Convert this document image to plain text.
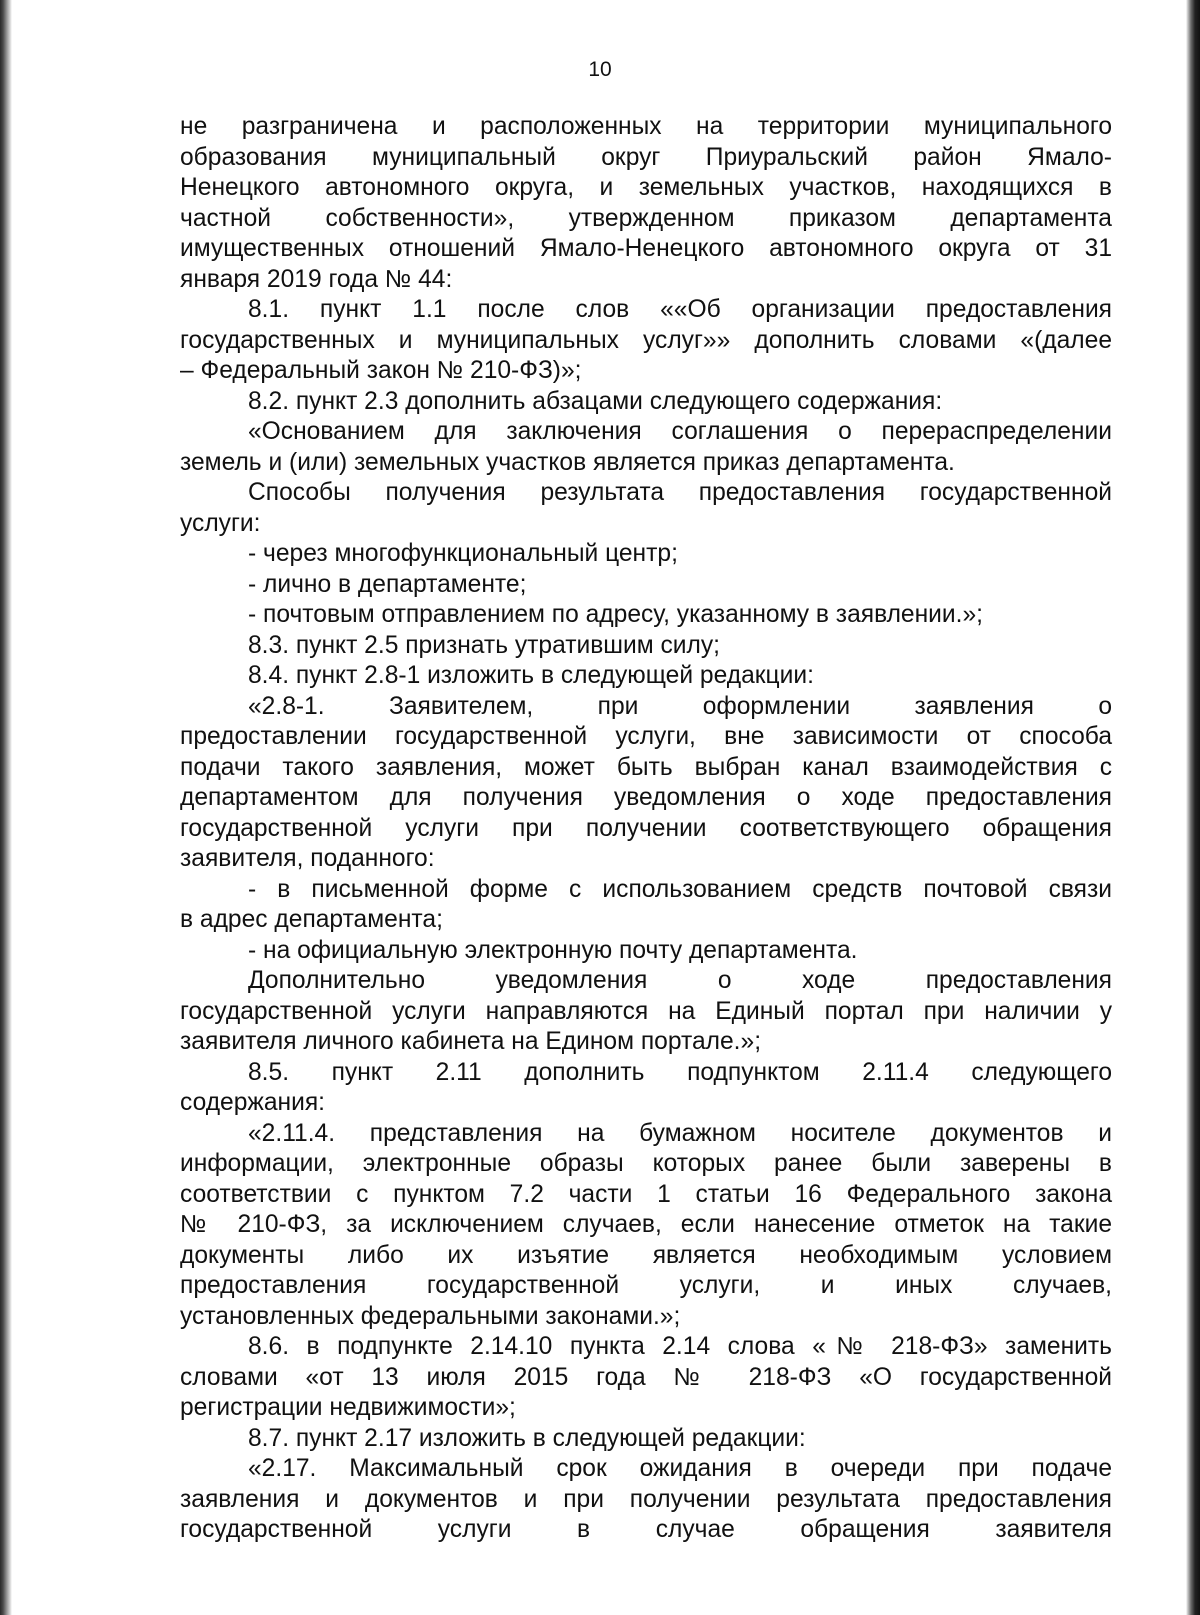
10

не разграничена и расположенных на территории муниципального

образования муниципальный округ Приуральский район Ямало-

Ненецкого автономного округа, и земельных участков, находящихся в

частной собственности», утвержденном приказом департамента

имущественных отношений Ямало-Ненецкого автономного округа от 31

января 2019 года № 44:

8.1. пункт 1.1 после слов ««Об организации предоставления

государственных и муниципальных услуг»» дополнить словами «(далее

– Федеральный закон № 210-ФЗ)»;

8.2. пункт 2.3 дополнить абзацами следующего содержания:

«Основанием для заключения соглашения о перераспределении

земель и (или) земельных участков является приказ департамента.

Способы получения результата предоставления государственной

услуги:

- через многофункциональный центр;

- лично в департаменте;

- почтовым отправлением по адресу, указанному в заявлении.»;

8.3. пункт 2.5 признать утратившим силу;

8.4. пункт 2.8-1 изложить в следующей редакции:

«2.8-1. Заявителем, при оформлении заявления о

предоставлении государственной услуги, вне зависимости от способа

подачи такого заявления, может быть выбран канал взаимодействия с

департаментом для получения уведомления о ходе предоставления

государственной услуги при получении соответствующего обращения

заявителя, поданного:

- в письменной форме с использованием средств почтовой связи

в адрес департамента;

- на официальную электронную почту департамента.

Дополнительно уведомления о ходе предоставления

государственной услуги направляются на Единый портал при наличии у

заявителя личного кабинета на Едином портале.»;

8.5. пункт 2.11 дополнить подпунктом 2.11.4 следующего

содержания:

«2.11.4. представления на бумажном носителе документов и

информации, электронные образы которых ранее были заверены в

соответствии с пунктом 7.2 части 1 статьи 16 Федерального закона

№ 210-ФЗ, за исключением случаев, если нанесение отметок на такие

документы либо их изъятие является необходимым условием

предоставления государственной услуги, и иных случаев,

установленных федеральными законами.»;

8.6. в подпункте 2.14.10 пункта 2.14 слова «№ 218-ФЗ» заменить

словами «от 13 июля 2015 года № 218-ФЗ «О государственной

регистрации недвижимости»;

8.7. пункт 2.17 изложить в следующей редакции:

«2.17. Максимальный срок ожидания в очереди при подаче

заявления и документов и при получении результата предоставления

государственной услуги в случае обращения заявителя
